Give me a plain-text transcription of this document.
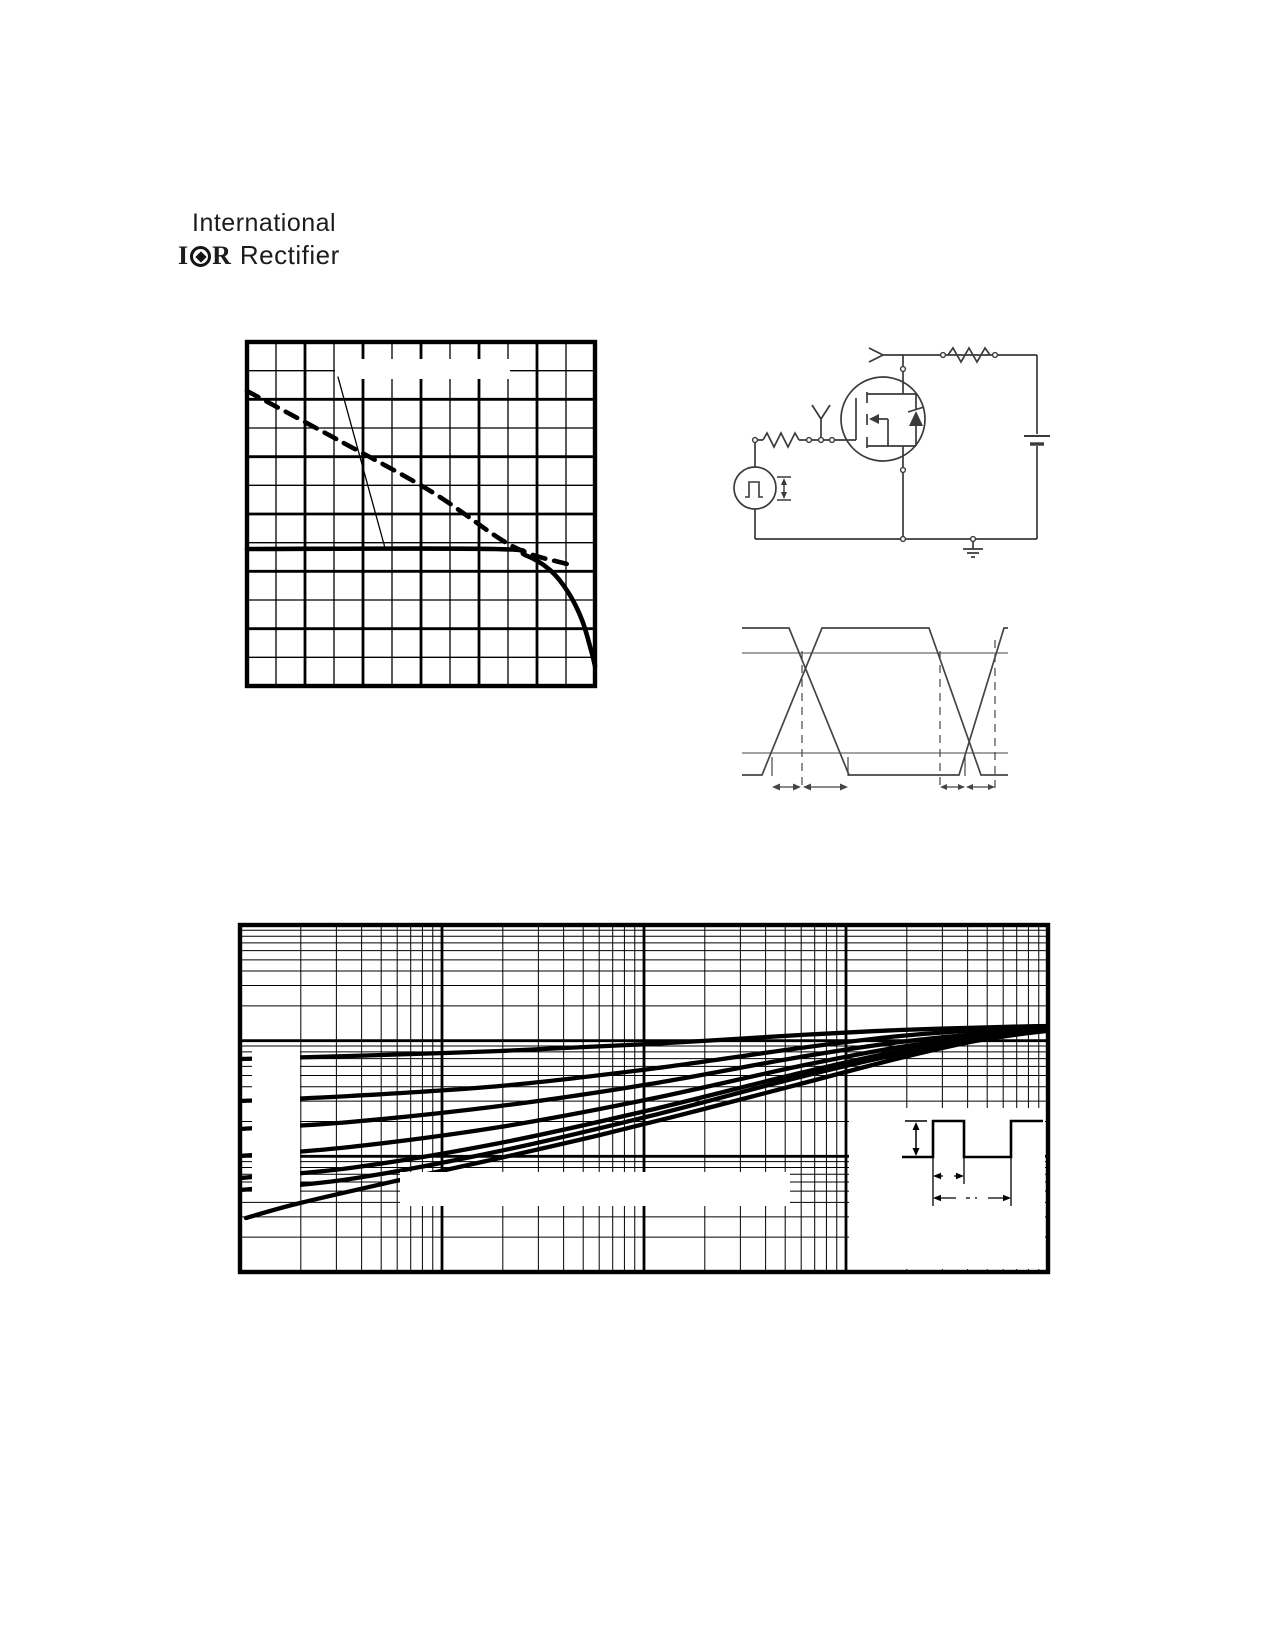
International
I R Rectifier
